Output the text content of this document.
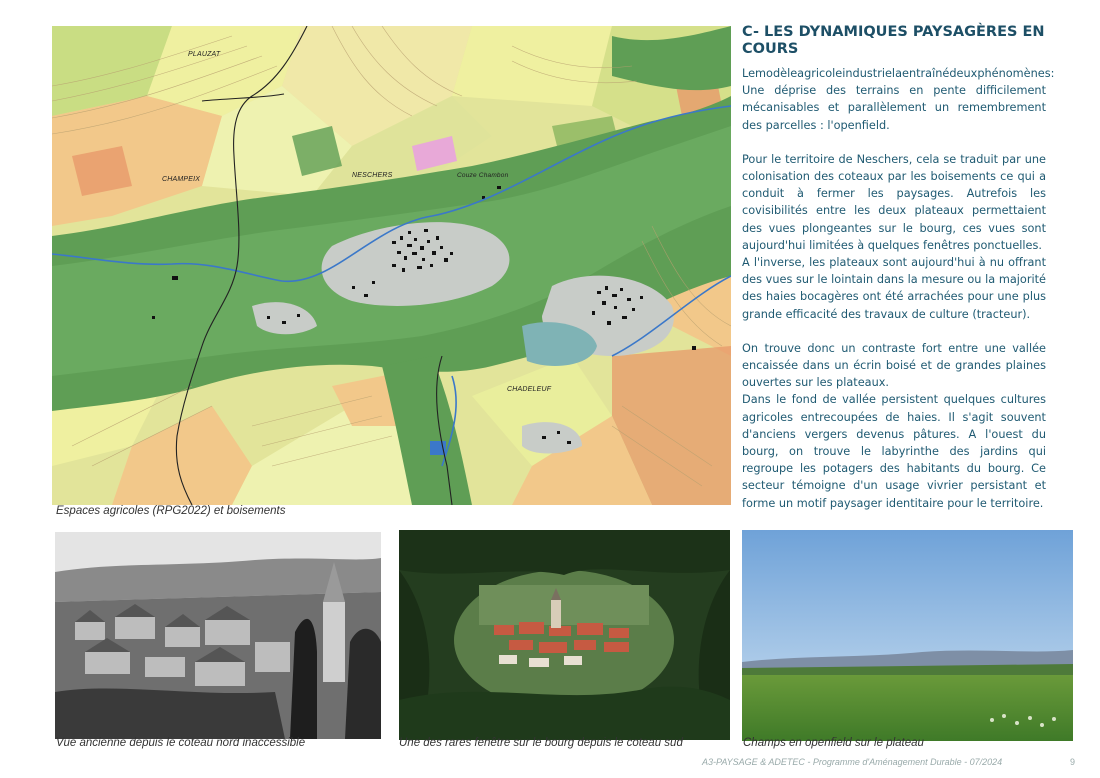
PLAUZAT
CHAMPEIX
NESCHERS
CHADELEUF
Couze Chambon
Espaces agricoles (RPG2022) et boisements
C- LES DYNAMIQUES PAYSAGÈRES EN COURS

Lemodèleagricoleindustrielaentraînédeuxphénomènes: Une déprise des terrains en pente difficilement mécanisables et parallèlement un remembrement des parcelles : l'openfield.

Pour le territoire de Neschers, cela se traduit par une colonisation des coteaux par les boisements ce qui a conduit à fermer les paysages. Autrefois les covisibilités entre les deux plateaux permettaient des vues plongeantes sur le bourg, ces vues sont aujourd'hui limitées à quelques fenêtres ponctuelles.

A l'inverse, les plateaux sont aujourd'hui à nu offrant des vues sur le lointain dans la mesure ou la majorité des haies bocagères ont été arrachées pour une plus grande efficacité des travaux de culture (tracteur).

On trouve donc un contraste fort entre une vallée encaissée dans un écrin boisé et de grandes plaines ouvertes sur les plateaux.

Dans le fond de vallée persistent quelques cultures agricoles entrecoupées de haies. Il s'agit souvent d'anciens vergers devenus pâtures. A l'ouest du bourg, on trouve le labyrinthe des jardins qui regroupe les potagers des habitants du bourg. Ce secteur témoigne d'un usage vivrier persistant et forme un motif paysager identitaire pour le territoire.

Vue ancienne depuis le coteau nord inaccessible	Une des rares fenêtre sur le bourg depuis le coteau sud	Champs en openfield sur le plateau
A3-PAYSAGE & ADETEC - Programme d'Aménagement Durable - 07/2024	9
